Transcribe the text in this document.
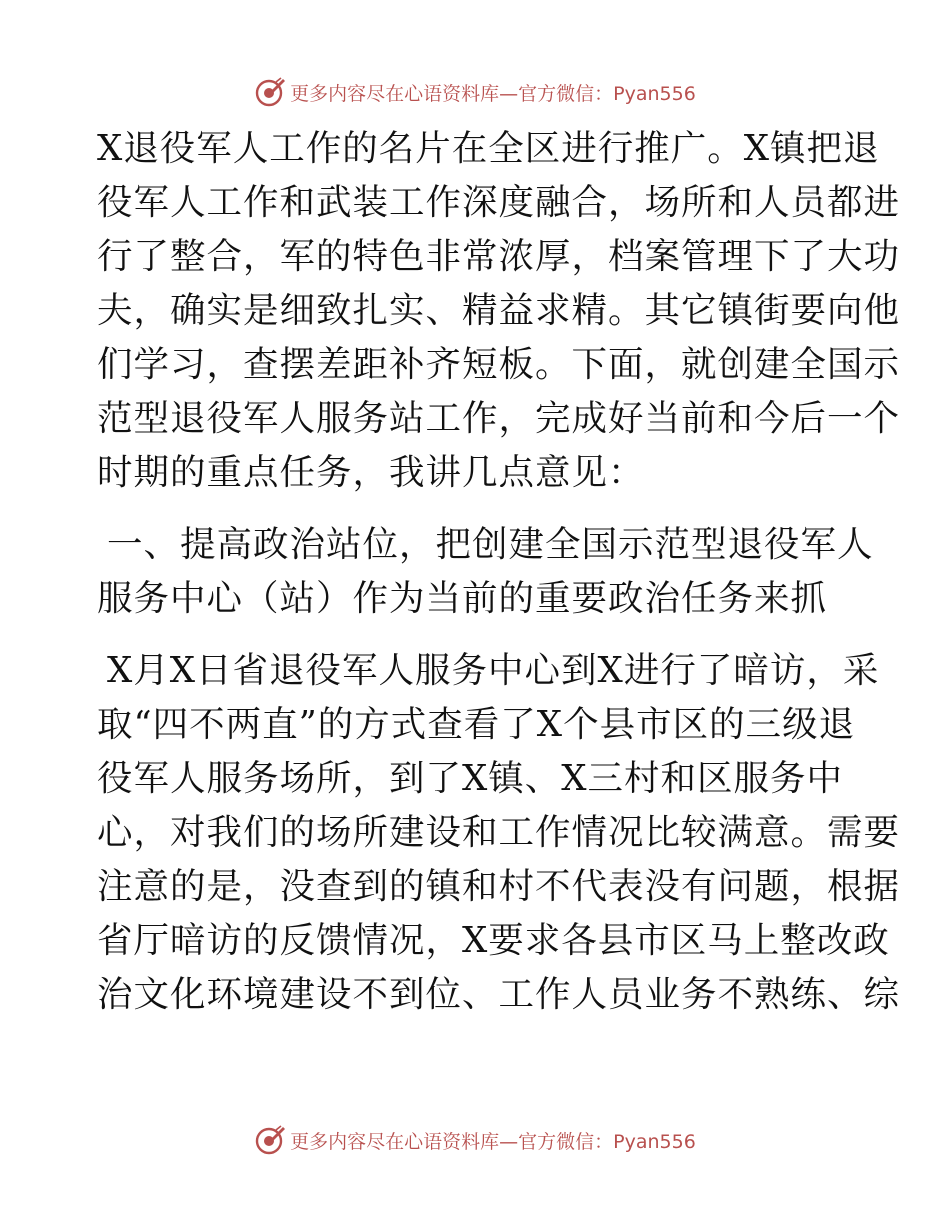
更多内容尽在心语资料库—官方微信：Pyan556

X退役军人工作的名片在全区进行推广。X镇把退

役军人工作和武装工作深度融合，场所和人员都进

行了整合，军的特色非常浓厚，档案管理下了大功

夫，确实是细致扎实、精益求精。其它镇街要向他

们学习，查摆差距补齐短板。下面，就创建全国示

范型退役军人服务站工作，完成好当前和今后一个

时期的重点任务，我讲几点意见：

一、提高政治站位，把创建全国示范型退役军人

服务中心（站）作为当前的重要政治任务来抓

X月X日省退役军人服务中心到X进行了暗访，采

取“四不两直”的方式查看了X个县市区的三级退

役军人服务场所，到了X镇、X三村和区服务中

心，对我们的场所建设和工作情况比较满意。需要

注意的是，没查到的镇和村不代表没有问题，根据

省厅暗访的反馈情况，X要求各县市区马上整改政

治文化环境建设不到位、工作人员业务不熟练、综

更多内容尽在心语资料库—官方微信：Pyan556
